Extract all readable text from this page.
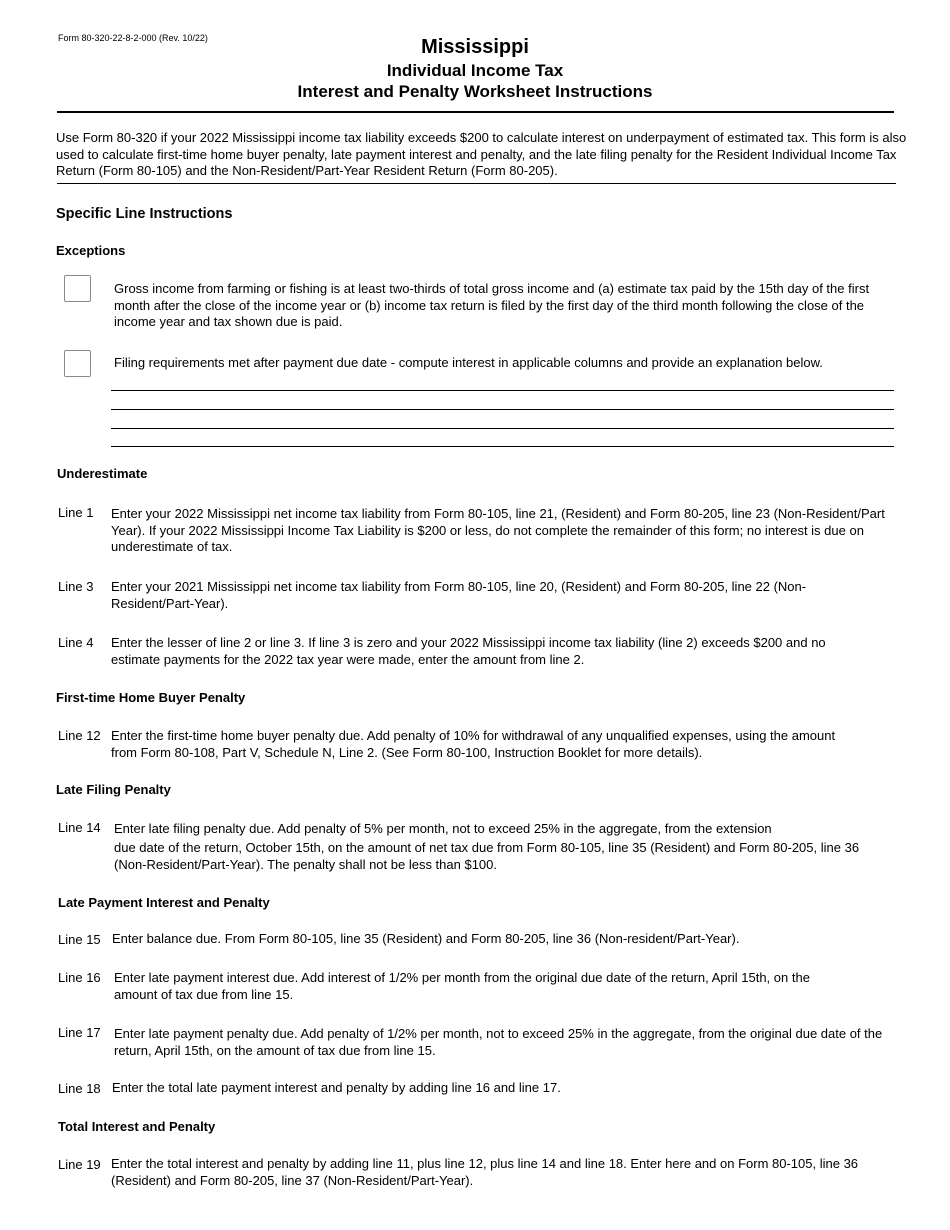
Form 80-320-22-8-2-000 (Rev. 10/22)	Mississippi
Individual Income Tax
Interest and Penalty Worksheet Instructions
Use Form 80-320 if your 2022 Mississippi income tax liability exceeds $200 to calculate interest on underpayment of estimated tax. This form is also used to calculate first-time home buyer penalty, late payment interest and penalty, and the late filing penalty for the Resident Individual Income Tax Return (Form 80-105) and the Non-Resident/Part-Year Resident Return (Form 80-205).
Specific Line Instructions
Exceptions
Gross income from farming or fishing is at least two-thirds of total gross income and (a) estimate tax paid by the 15th day of the first month after the close of the income year or (b) income tax return is filed by the first day of the third month following the close of the income year and tax shown due is paid.
Filing requirements met after payment due date - compute interest in applicable columns and provide an explanation below.
Underestimate
Line 1 Enter your 2022 Mississippi net income tax liability from Form 80-105, line 21, (Resident) and Form 80-205, line 23 (Non-Resident/Part Year). If your 2022 Mississippi Income Tax Liability is $200 or less, do not complete the remainder of this form; no interest is due on underestimate of tax.
Line 3 Enter your 2021 Mississippi net income tax liability from Form 80-105, line 20, (Resident) and Form 80-205, line 22 (Non-Resident/Part-Year).
Line 4 Enter the lesser of line 2 or line 3. If line 3 is zero and your 2022 Mississippi income tax liability (line 2) exceeds $200 and no estimate payments for the 2022 tax year were made, enter the amount from line 2.
First-time Home Buyer Penalty
Line 12 Enter the first-time home buyer penalty due. Add penalty of 10% for withdrawal of any unqualified expenses, using the amount from Form 80-108, Part V, Schedule N, Line 2. (See Form 80-100, Instruction Booklet for more details).
Late Filing Penalty
Line 14 Enter late filing penalty due. Add penalty of 5% per month, not to exceed 25% in the aggregate, from the extension
due date of the return, October 15th, on the amount of net tax due from Form 80-105, line 35 (Resident) and Form 80-205, line 36 (Non-Resident/Part-Year). The penalty shall not be less than $100.
Late Payment Interest and Penalty
Line 15 Enter balance due. From Form 80-105, line 35 (Resident) and Form 80-205, line 36 (Non-resident/Part-Year).
Line 16 Enter late payment interest due. Add interest of 1/2% per month from the original due date of the return, April 15th, on the amount of tax due from line 15.
Line 17 Enter late payment penalty due. Add penalty of 1/2% per month, not to exceed 25% in the aggregate, from the original due date of the return, April 15th, on the amount of tax due from line 15.
Line 18 Enter the total late payment interest and penalty by adding line 16 and line 17.
Total Interest and Penalty
Line 19 Enter the total interest and penalty by adding line 11, plus line 12, plus line 14 and line 18. Enter here and on Form 80-105, line 36 (Resident) and Form 80-205, line 37 (Non-Resident/Part-Year).
